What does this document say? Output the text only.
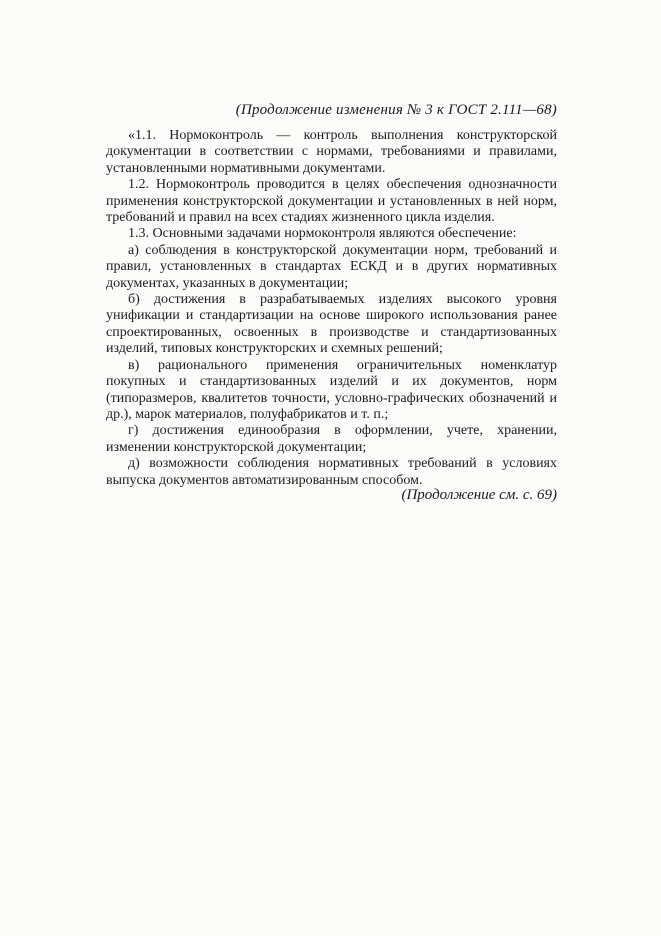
(Продолжение изменения № 3 к ГОСТ 2.111—68)

«1.1. Нормоконтроль — контроль выполнения конструкторской документации в соответствии с нормами, требованиями и правилами, установленными нормативными документами.

1.2. Нормоконтроль проводится в целях обеспечения однозначности применения конструкторской документации и установленных в ней норм, требований и правил на всех стадиях жизненного цикла изделия.

1.3. Основными задачами нормоконтроля являются обеспечение:

а) соблюдения в конструкторской документации норм, требований и правил, установленных в стандартах ЕСКД и в других нормативных документах, указанных в документации;

б) достижения в разрабатываемых изделиях высокого уровня унификации и стандартизации на основе широкого использования ранее спроектированных, освоенных в производстве и стандартизованных изделий, типовых конструкторских и схемных решений;

в) рационального применения ограничительных номенклатур покупных и стандартизованных изделий и их документов, норм (типоразмеров, квалитетов точности, условно-графических обозначений и др.), марок материалов, полуфабрикатов и т. п.;

г) достижения единообразия в оформлении, учете, хранении, изменении конструкторской документации;

д) возможности соблюдения нормативных требований в условиях выпуска документов автоматизированным способом.

(Продолжение см. с. 69)
